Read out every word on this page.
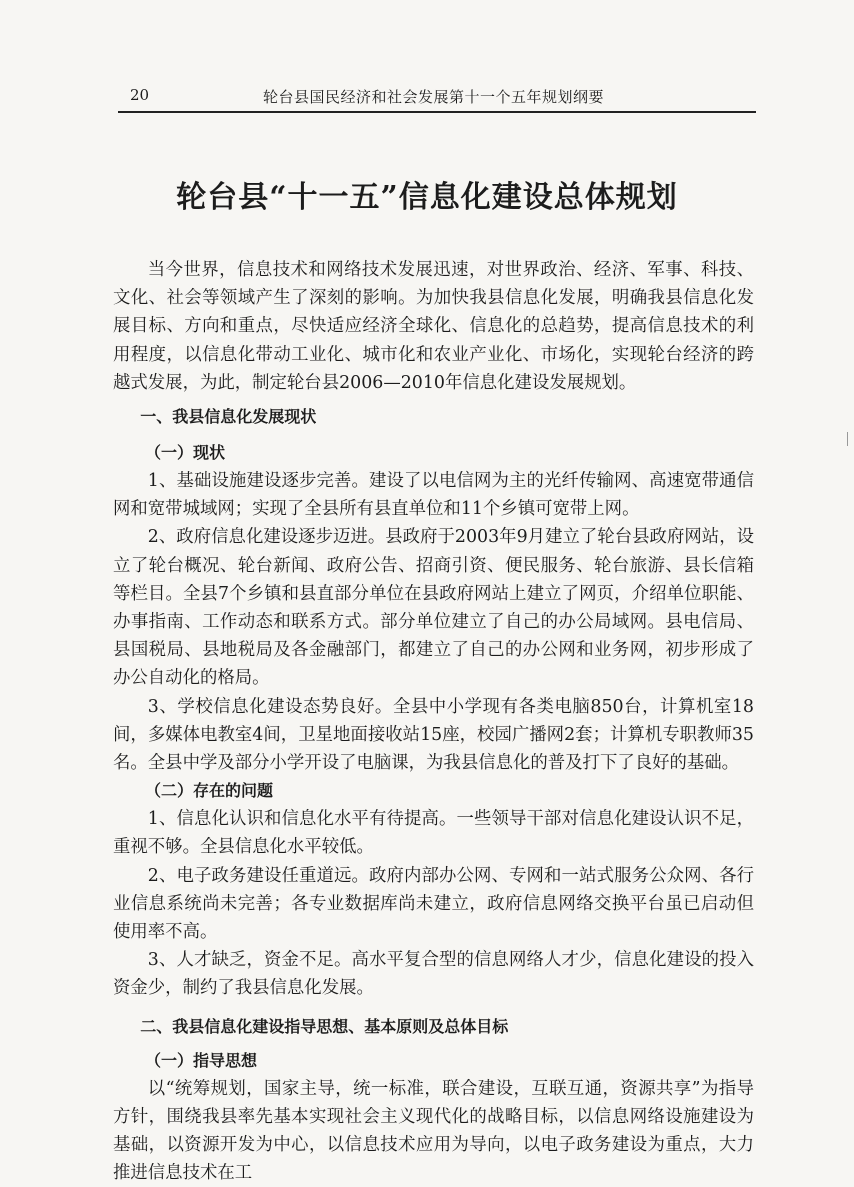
20	轮台县国民经济和社会发展第十一个五年规划纲要
轮台县“十一五”信息化建设总体规划

当今世界，信息技术和网络技术发展迅速，对世界政治、经济、军事、科技、文化、社会等领域产生了深刻的影响。为加快我县信息化发展，明确我县信息化发展目标、方向和重点，尽快适应经济全球化、信息化的总趋势，提高信息技术的利用程度，以信息化带动工业化、城市化和农业产业化、市场化，实现轮台经济的跨越式发展，为此，制定轮台县2006—2010年信息化建设发展规划。

一、我县信息化发展现状
（一）现状

1、基础设施建设逐步完善。建设了以电信网为主的光纤传输网、高速宽带通信网和宽带城域网；实现了全县所有县直单位和11个乡镇可宽带上网。

2、政府信息化建设逐步迈进。县政府于2003年9月建立了轮台县政府网站，设立了轮台概况、轮台新闻、政府公告、招商引资、便民服务、轮台旅游、县长信箱等栏目。全县7个乡镇和县直部分单位在县政府网站上建立了网页，介绍单位职能、办事指南、工作动态和联系方式。部分单位建立了自己的办公局域网。县电信局、县国税局、县地税局及各金融部门，都建立了自己的办公网和业务网，初步形成了办公自动化的格局。

3、学校信息化建设态势良好。全县中小学现有各类电脑850台，计算机室18间，多媒体电教室4间，卫星地面接收站15座，校园广播网2套；计算机专职教师35名。全县中学及部分小学开设了电脑课，为我县信息化的普及打下了良好的基础。

（二）存在的问题

1、信息化认识和信息化水平有待提高。一些领导干部对信息化建设认识不足，重视不够。全县信息化水平较低。

2、电子政务建设任重道远。政府内部办公网、专网和一站式服务公众网、各行业信息系统尚未完善；各专业数据库尚未建立，政府信息网络交换平台虽已启动但使用率不高。

3、人才缺乏，资金不足。高水平复合型的信息网络人才少，信息化建设的投入资金少，制约了我县信息化发展。

二、我县信息化建设指导思想、基本原则及总体目标
（一）指导思想

以“统筹规划，国家主导，统一标准，联合建设，互联互通，资源共享”为指导方针，围绕我县率先基本实现社会主义现代化的战略目标，以信息网络设施建设为基础，以资源开发为中心，以信息技术应用为导向，以电子政务建设为重点，大力推进信息技术在工
